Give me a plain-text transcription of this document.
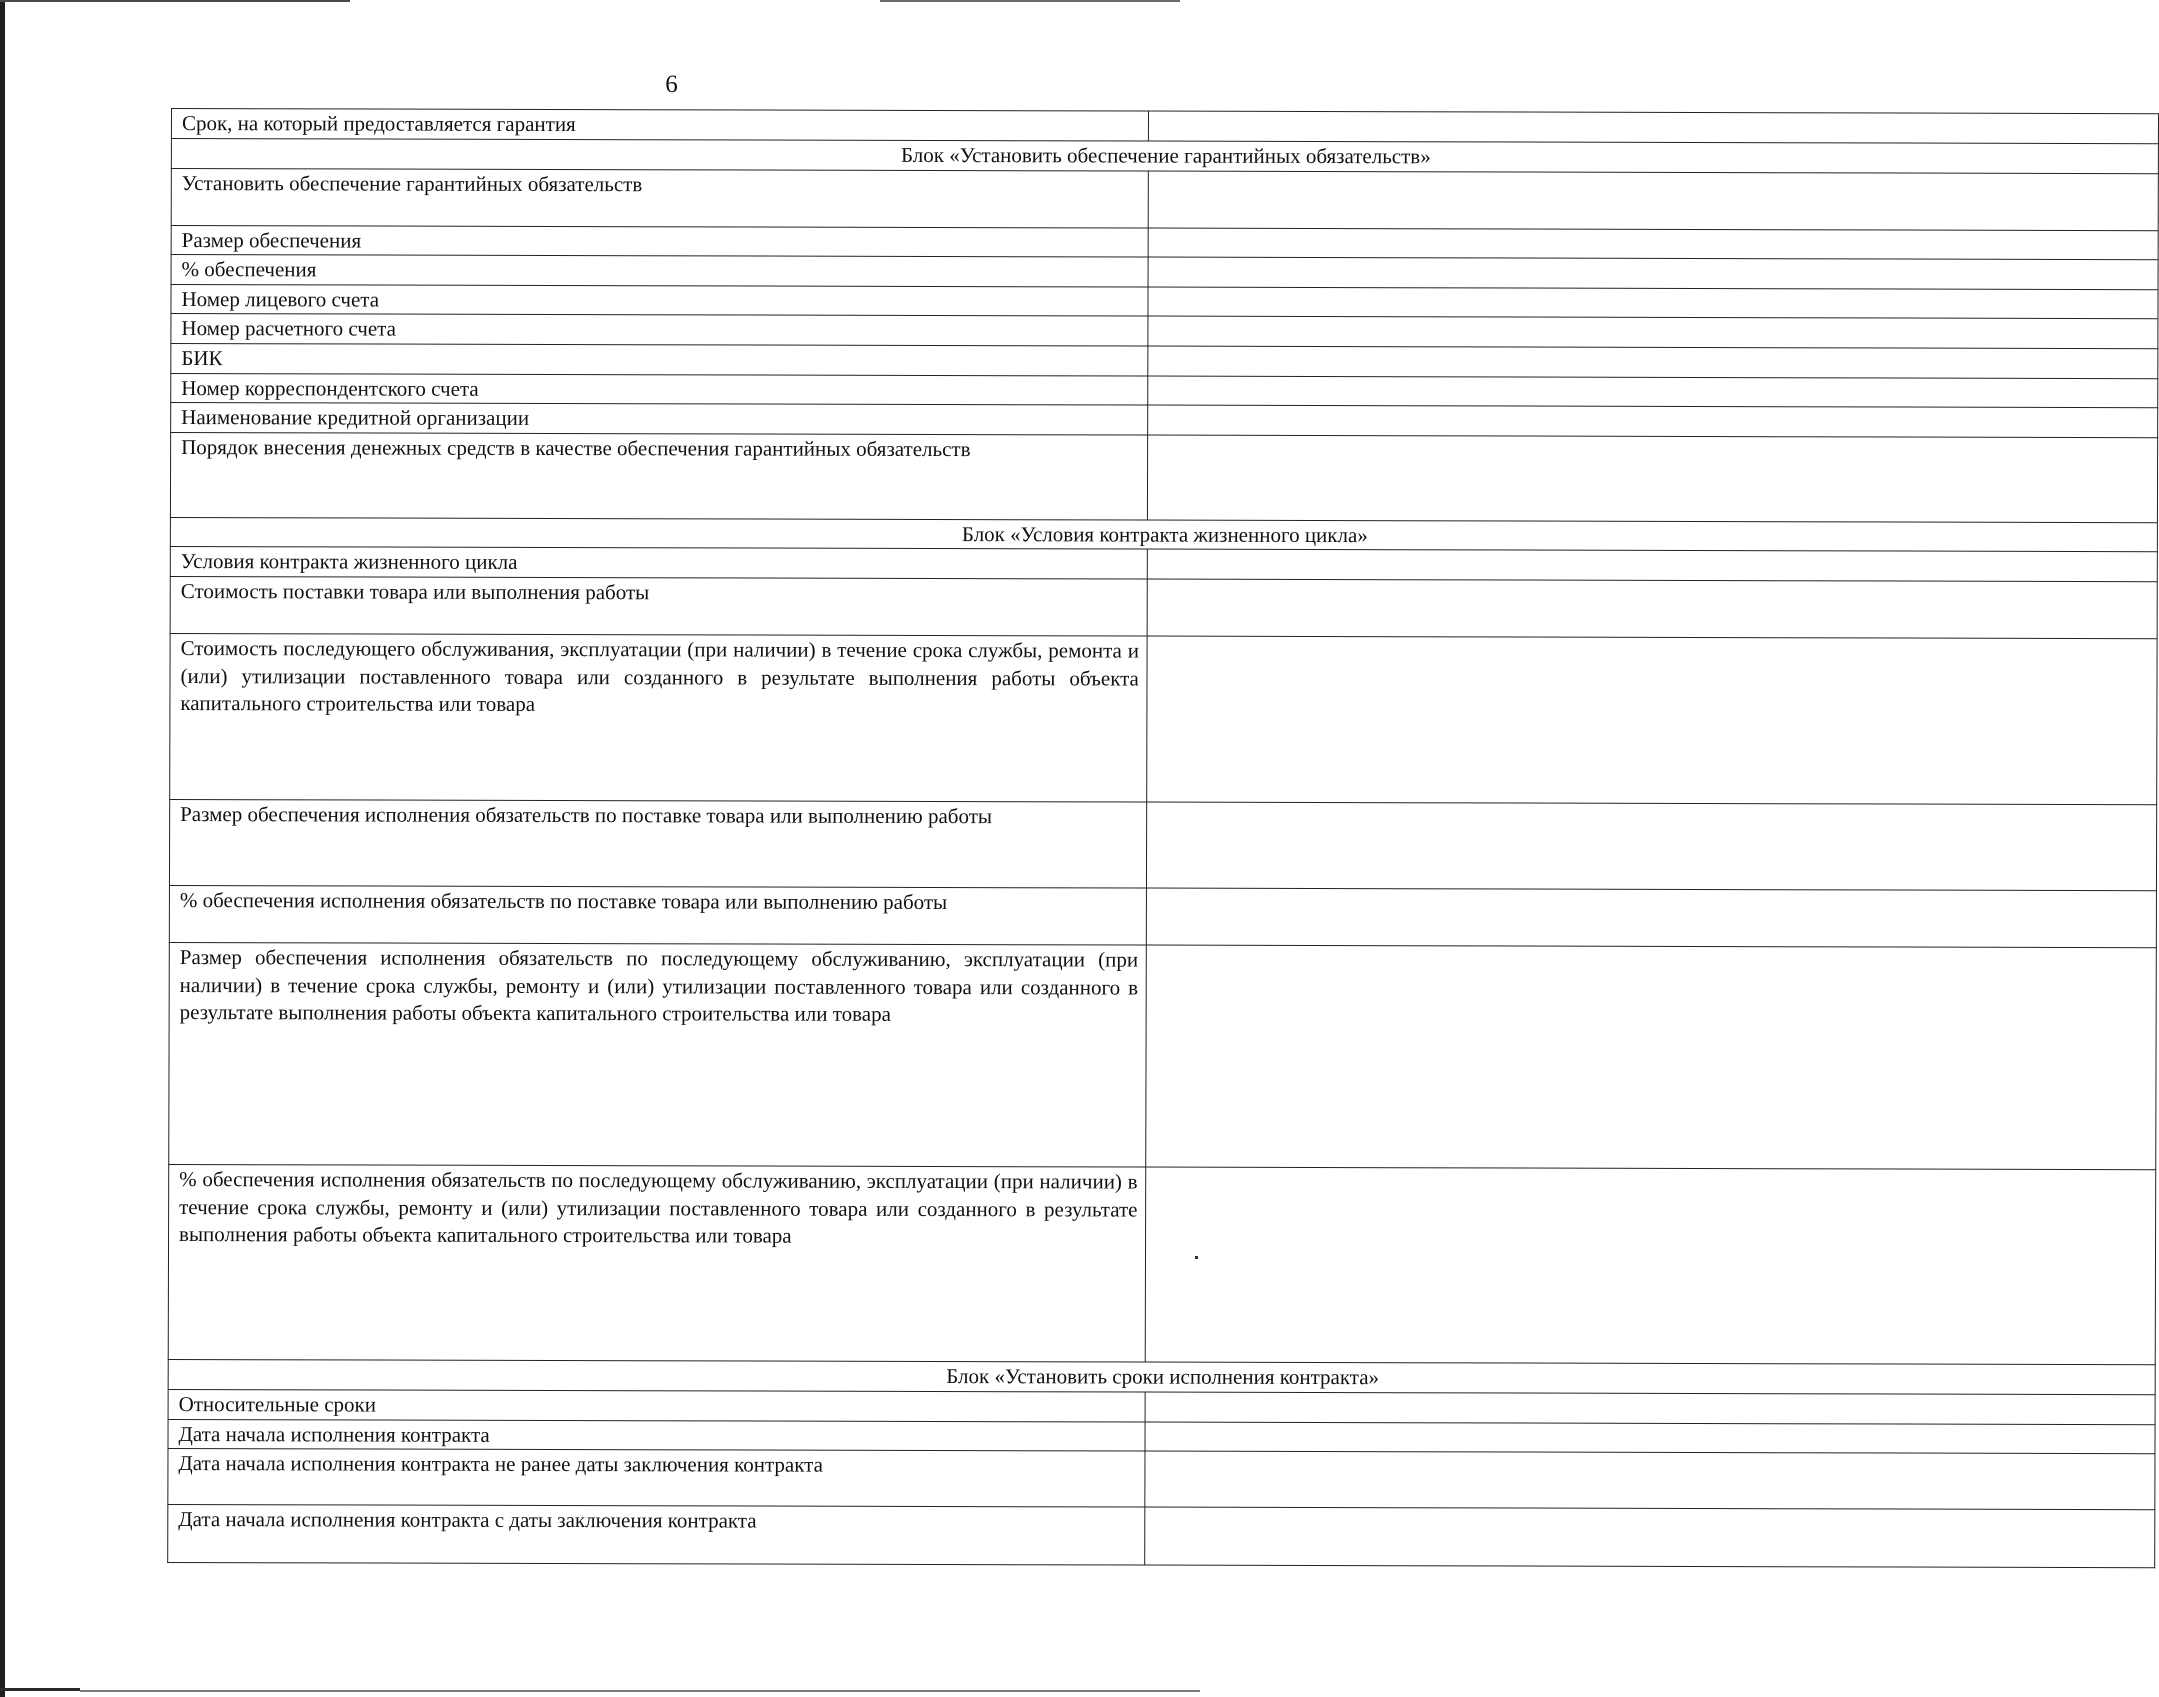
6
Срок, на который предоставляется гарантия	
Блок «Установить обеспечение гарантийных обязательств»	
Установить обеспечение гарантийных обязательств	
Размер обеспечения	
% обеспечения	
Номер лицевого счета	
Номер расчетного счета	
БИК	
Номер корреспондентского счета	
Наименование кредитной организации	
Порядок внесения денежных средств в качестве обеспечения гарантийных обязательств	
Блок «Условия контракта жизненного цикла»	
Условия контракта жизненного цикла	
Стоимость поставки товара или выполнения работы	
Стоимость последующего обслуживания, эксплуатации (при наличии) в течение срока службы, ремонта и (или) утилизации поставленного товара или созданного в результате выполнения работы объекта капитального строительства или товара	
Размер обеспечения исполнения обязательств по поставке товара или выполнению работы	
% обеспечения исполнения обязательств по поставке товара или выполнению работы	
Размер обеспечения исполнения обязательств по последующему обслуживанию, эксплуатации (при наличии) в течение срока службы, ремонту и (или) утилизации поставленного товара или созданного в результате выполнения работы объекта капитального строительства или товара	
% обеспечения исполнения обязательств по последующему обслуживанию, эксплуатации (при наличии) в течение срока службы, ремонту и (или) утилизации поставленного товара или созданного в результате выполнения работы объекта капитального строительства или товара	
Блок «Установить сроки исполнения контракта»	
Относительные сроки	
Дата начала исполнения контракта	
Дата начала исполнения контракта не ранее даты заключения контракта	
Дата начала исполнения контракта с даты заключения контракта	
